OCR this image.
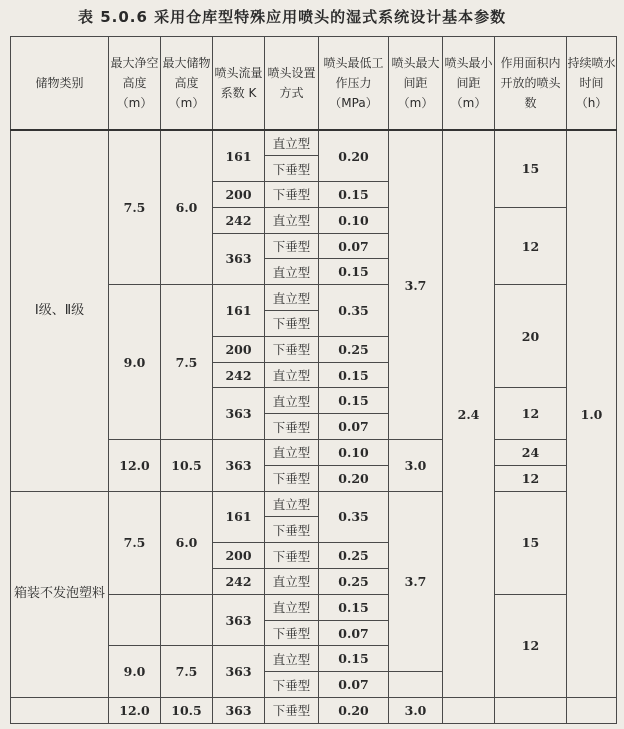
表 5.0.6 采用仓库型特殊应用喷头的湿式系统设计基本参数
储物类别	最大净空高度（m）	最大储物高度（m）	喷头流量系数 K	喷头设置方式	喷头最低工作压力（MPa）	喷头最大间距（m）	喷头最小间距（m）	作用面积内开放的喷头数	持续喷水时间（h）
Ⅰ级、Ⅱ级	7.5	6.0	161	直立型	0.20	3.7	2.4	15	1.0
				下垂型					
			200	下垂型	0.15				
			242	直立型	0.10			12	
			363	下垂型	0.07				
				直立型	0.15				
	9.0	7.5	161	直立型	0.35			20	
				下垂型					
			200	下垂型	0.25				
			242	直立型	0.15				
			363	直立型	0.15			12	
				下垂型	0.07				
	12.0	10.5	363	直立型	0.10	3.0		24	
				下垂型	0.20			12	
箱装不发泡塑料	7.5	6.0	161	直立型	0.35	3.7		15	
				下垂型					
			200	下垂型	0.25				
			242	直立型	0.25				
			363	直立型	0.15			12	
				下垂型	0.07				
	9.0	7.5	363	直立型	0.15				
				下垂型	0.07				
	12.0	10.5	363	下垂型	0.20	3.0			
